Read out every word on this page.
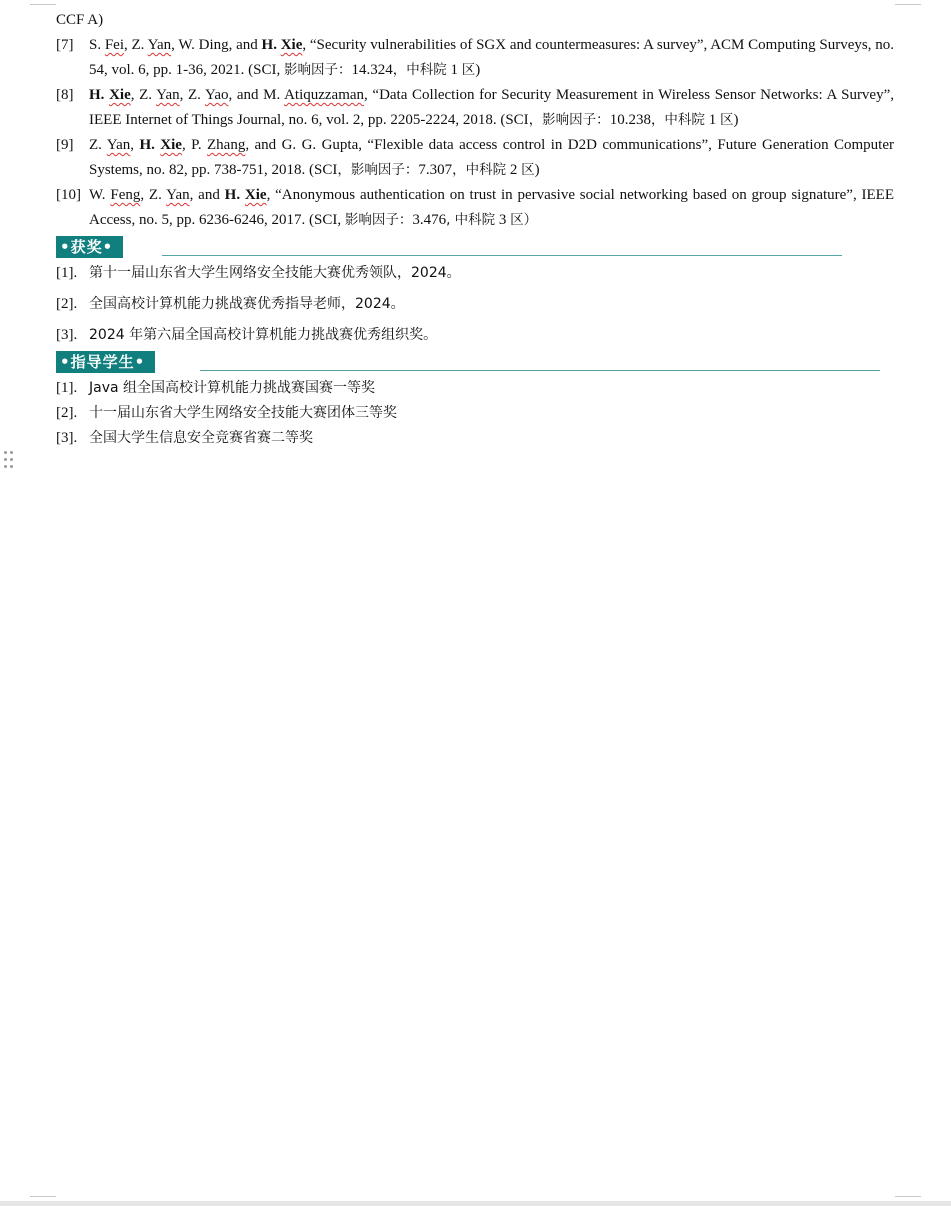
CCF A)
[7] S. Fei, Z. Yan, W. Ding, and H. Xie, “Security vulnerabilities of SGX and countermeasures: A survey”, ACM Computing Surveys, no. 54, vol. 6, pp. 1-36, 2021. (SCI, 影响因子：14.324，中科院 1 区)
[8] H. Xie, Z. Yan, Z. Yao, and M. Atiquzzaman, “Data Collection for Security Measurement in Wireless Sensor Networks: A Survey”, IEEE Internet of Things Journal, no. 6, vol. 2, pp. 2205-2224, 2018. (SCI，影响因子：10.238，中科院 1 区)
[9] Z. Yan, H. Xie, P. Zhang, and G. G. Gupta, “Flexible data access control in D2D communications”, Future Generation Computer Systems, no. 82, pp. 738-751, 2018. (SCI，影响因子：7.307，中科院 2 区)
[10] W. Feng, Z. Yan, and H. Xie, “Anonymous authentication on trust in pervasive social networking based on group signature”, IEEE Access, no. 5, pp. 6236-6246, 2017. (SCI, 影响因子：3.476, 中科院 3 区）
•获奖•
[1]. 第十一届山东省大学生网络安全技能大赛优秀领队，2024。
[2]. 全国高校计算机能力挑战赛优秀指导老师，2024。
[3]. 2024 年第六届全国高校计算机能力挑战赛优秀组织奖。
•指导学生•
[1]. Java 组全国高校计算机能力挑战赛国赛一等奖
[2]. 十一届山东省大学生网络安全技能大赛团体三等奖
[3]. 全国大学生信息安全竞赛省赛二等奖
